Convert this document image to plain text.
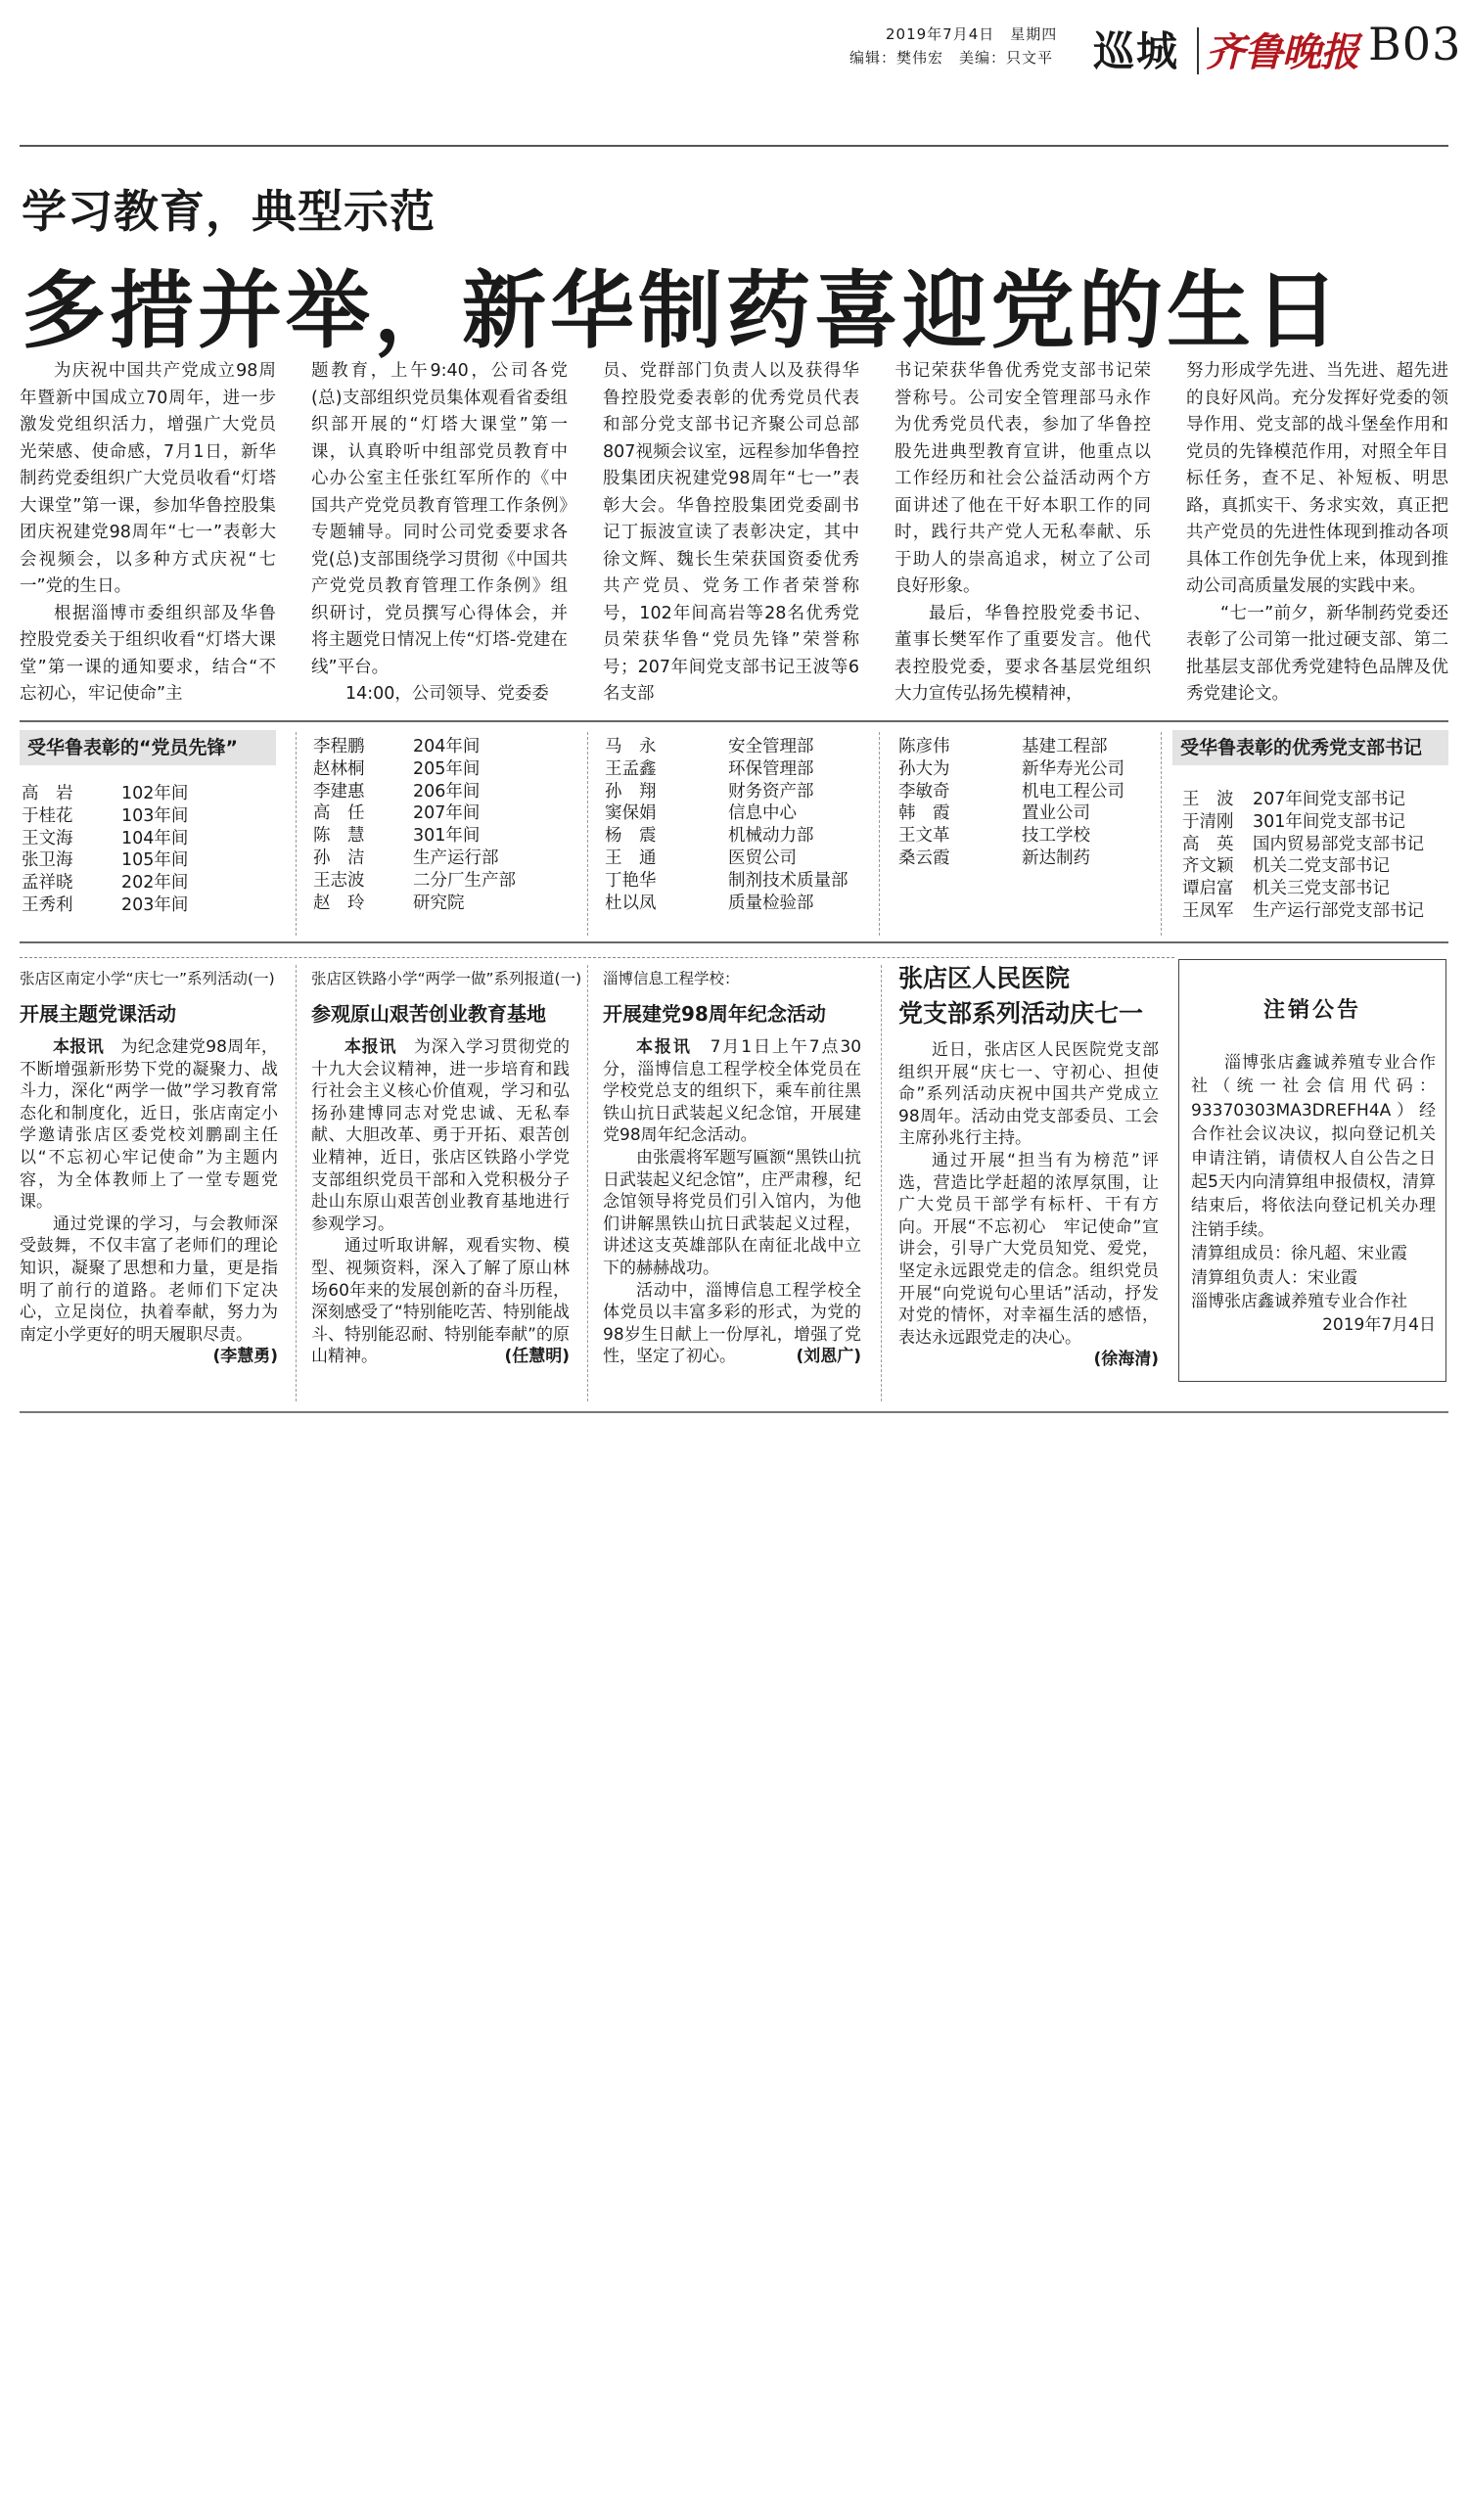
2019年7月4日　星期四
编辑：樊伟宏　美编：只文平 巡城 齐鲁晚报 B03
学习教育，典型示范
多措并举，新华制药喜迎党的生日

为庆祝中国共产党成立98周年暨新中国成立70周年，进一步激发党组织活力，增强广大党员光荣感、使命感，7月1日，新华制药党委组织广大党员收看“灯塔大课堂”第一课，参加华鲁控股集团庆祝建党98周年“七一”表彰大会视频会，以多种方式庆祝“七一”党的生日。

根据淄博市委组织部及华鲁控股党委关于组织收看“灯塔大课堂”第一课的通知要求，结合“不忘初心，牢记使命”主

题教育，上午9:40，公司各党(总)支部组织党员集体观看省委组织部开展的“灯塔大课堂”第一课，认真聆听中组部党员教育中心办公室主任张红军所作的《中国共产党党员教育管理工作条例》专题辅导。同时公司党委要求各党(总)支部围绕学习贯彻《中国共产党党员教育管理工作条例》组织研讨，党员撰写心得体会，并将主题党日情况上传“灯塔-党建在线”平台。

14:00，公司领导、党委委

员、党群部门负责人以及获得华鲁控股党委表彰的优秀党员代表和部分党支部书记齐聚公司总部807视频会议室，远程参加华鲁控股集团庆祝建党98周年“七一”表彰大会。华鲁控股集团党委副书记丁振波宣读了表彰决定，其中徐文辉、魏长生荣获国资委优秀共产党员、党务工作者荣誉称号，102年间高岩等28名优秀党员荣获华鲁“党员先锋”荣誉称号；207年间党支部书记王波等6名支部

书记荣获华鲁优秀党支部书记荣誉称号。公司安全管理部马永作为优秀党员代表，参加了华鲁控股先进典型教育宣讲，他重点以工作经历和社会公益活动两个方面讲述了他在干好本职工作的同时，践行共产党人无私奉献、乐于助人的崇高追求，树立了公司良好形象。

最后，华鲁控股党委书记、董事长樊军作了重要发言。他代表控股党委，要求各基层党组织大力宣传弘扬先模精神，

努力形成学先进、当先进、超先进的良好风尚。充分发挥好党委的领导作用、党支部的战斗堡垒作用和党员的先锋模范作用，对照全年目标任务，查不足、补短板、明思路，真抓实干、务求实效，真正把共产党员的先进性体现到推动各项具体工作创先争优上来，体现到推动公司高质量发展的实践中来。

“七一”前夕，新华制药党委还表彰了公司第一批过硬支部、第二批基层支部优秀党建特色品牌及优秀党建论文。

受华鲁表彰的“党员先锋”	受华鲁表彰的优秀党支部书记
高　岩	102年间
于桂花	103年间
王文海	104年间
张卫海	105年间
孟祥晓	202年间
王秀利	203年间
李程鹏	204年间
赵林桐	205年间
李建惠	206年间
高　任	207年间
陈　慧	301年间
孙　洁	生产运行部
王志波	二分厂生产部
赵　玲	研究院
马　永	安全管理部
王孟鑫	环保管理部
孙　翔	财务资产部
窦保娟	信息中心
杨　震	机械动力部
王　通	医贸公司
丁艳华	制剂技术质量部
杜以凤	质量检验部
陈彦伟	基建工程部
孙大为	新华寿光公司
李敏奇	机电工程公司
韩　霞	置业公司
王文革	技工学校
桑云霞	新达制药
王　波	207年间党支部书记
于清刚	301年间党支部书记
高　英	国内贸易部党支部书记
齐文颖	机关二党支部书记
谭启富	机关三党支部书记
王凤军	生产运行部党支部书记
张店区南定小学“庆七一”系列活动(一)
开展主题党课活动

本报讯　 为纪念建党98周年，不断增强新形势下党的凝聚力、战斗力，深化“两学一做”学习教育常态化和制度化，近日，张店南定小学邀请张店区委党校刘鹏副主任以“不忘初心牢记使命”为主题内容，为全体教师上了一堂专题党课。

通过党课的学习，与会教师深受鼓舞，不仅丰富了老师们的理论知识，凝聚了思想和力量，更是指明了前行的道路。老师们下定决心，立足岗位，执着奉献，努力为南定小学更好的明天履职尽责。
(李慧勇)

张店区铁路小学“两学一做”系列报道(一)
参观原山艰苦创业教育基地

本报讯　 为深入学习贯彻党的十九大会议精神，进一步培育和践行社会主义核心价值观，学习和弘扬孙建博同志对党忠诚、无私奉献、大胆改革、勇于开拓、艰苦创业精神，近日，张店区铁路小学党支部组织党员干部和入党积极分子赴山东原山艰苦创业教育基地进行参观学习。

通过听取讲解，观看实物、模型、视频资料，深入了解了原山林场60年来的发展创新的奋斗历程，深刻感受了“特别能吃苦、特别能战斗、特别能忍耐、特别能奉献”的原山精神。	(任慧明)

淄博信息工程学校：
开展建党98周年纪念活动

本报讯　 7月1日上午7点30分，淄博信息工程学校全体党员在学校党总支的组织下，乘车前往黑铁山抗日武装起义纪念馆，开展建党98周年纪念活动。

由张震将军题写匾额“黑铁山抗日武装起义纪念馆”，庄严肃穆，纪念馆领导将党员们引入馆内，为他们讲解黑铁山抗日武装起义过程，讲述这支英雄部队在南征北战中立下的赫赫战功。

活动中，淄博信息工程学校全体党员以丰富多彩的形式，为党的98岁生日献上一份厚礼，增强了党性，坚定了初心。	(刘恩广)

张店区人民医院
党支部系列活动庆七一

近日，张店区人民医院党支部组织开展“庆七一、守初心、担使命”系列活动庆祝中国共产党成立98周年。活动由党支部委员、工会主席孙兆行主持。

通过开展“担当有为榜范”评选，营造比学赶超的浓厚氛围，让广大党员干部学有标杆、干有方向。开展“不忘初心　牢记使命”宣讲会，引导广大党员知党、爱党，坚定永远跟党走的信念。组织党员开展“向党说句心里话”活动，抒发对党的情怀，对幸福生活的感悟，表达永远跟党走的决心。
(徐海清)

注销公告

淄博张店鑫诚养殖专业合作社（统一社会信用代码：93370303MA3DREFH4A）经合作社会议决议，拟向登记机关申请注销，请债权人自公告之日起5天内向清算组申报债权，清算结束后，将依法向登记机关办理注销手续。

清算组成员：徐凡超、宋业霞

清算组负责人：宋业霞

淄博张店鑫诚养殖专业合作社

2019年7月4日
